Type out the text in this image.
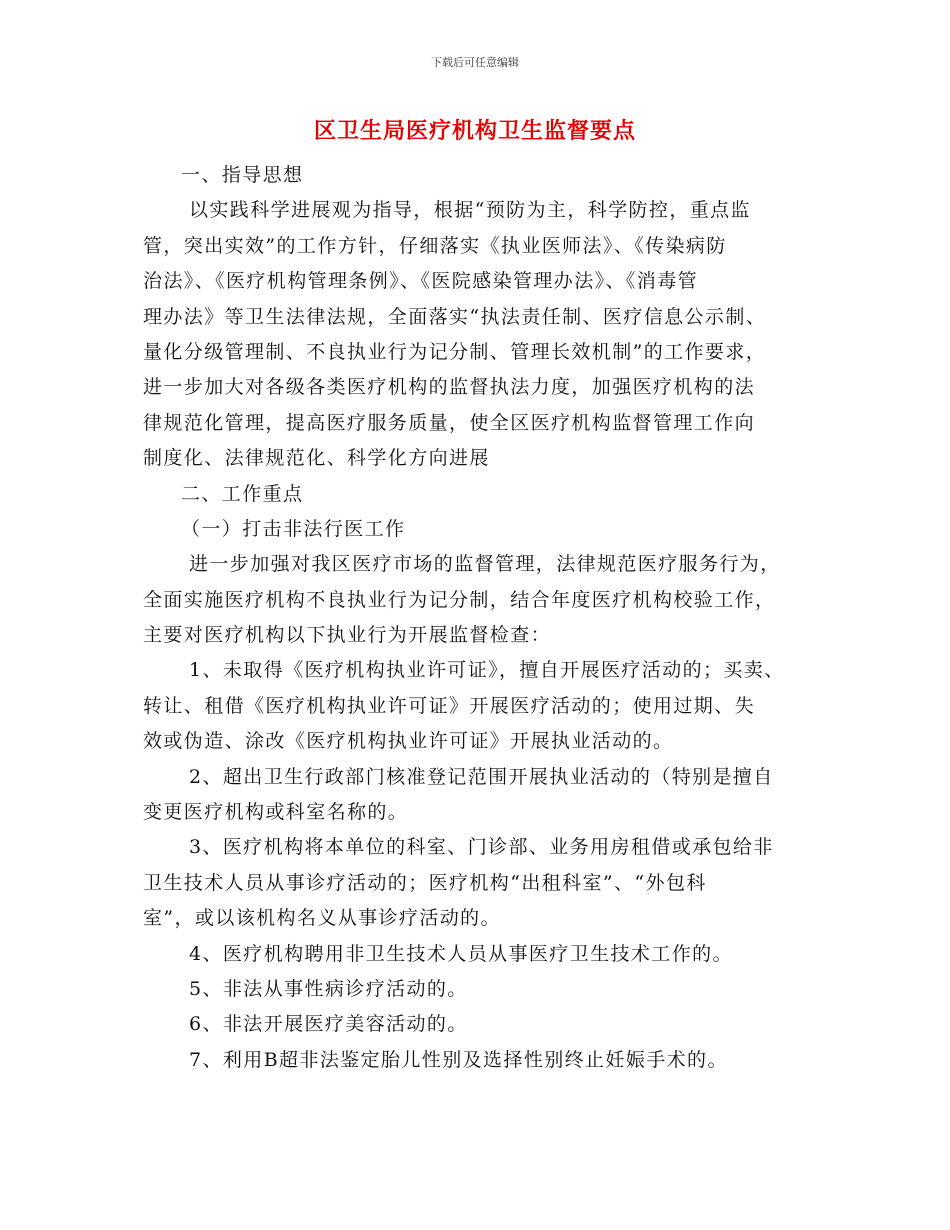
下载后可任意编辑
区卫生局医疗机构卫生监督要点
一、指导思想
以实践科学进展观为指导，根据“预防为主，科学防控，重点监
管，突出实效”的工作方针，仔细落实《执业医师法》、《传染病防
治法》、《医疗机构管理条例》、《医院感染管理办法》、《消毒管
理办法》等卫生法律法规，全面落实“执法责任制、医疗信息公示制、
量化分级管理制、不良执业行为记分制、管理长效机制”的工作要求，
进一步加大对各级各类医疗机构的监督执法力度，加强医疗机构的法
律规范化管理，提高医疗服务质量，使全区医疗机构监督管理工作向
制度化、法律规范化、科学化方向进展
二、工作重点
（一）打击非法行医工作
进一步加强对我区医疗市场的监督管理，法律规范医疗服务行为，
全面实施医疗机构不良执业行为记分制，结合年度医疗机构校验工作，
主要对医疗机构以下执业行为开展监督检查：
1、未取得《医疗机构执业许可证》，擅自开展医疗活动的；买卖、
转让、租借《医疗机构执业许可证》开展医疗活动的；使用过期、失
效或伪造、涂改《医疗机构执业许可证》开展执业活动的。
2、超出卫生行政部门核准登记范围开展执业活动的（特别是擅自
变更医疗机构或科室名称的。
3、医疗机构将本单位的科室、门诊部、业务用房租借或承包给非
卫生技术人员从事诊疗活动的；医疗机构“出租科室”、“外包科
室”，或以该机构名义从事诊疗活动的。
4、医疗机构聘用非卫生技术人员从事医疗卫生技术工作的。
5、非法从事性病诊疗活动的。
6、非法开展医疗美容活动的。
7、利用B超非法鉴定胎儿性别及选择性别终止妊娠手术的。
